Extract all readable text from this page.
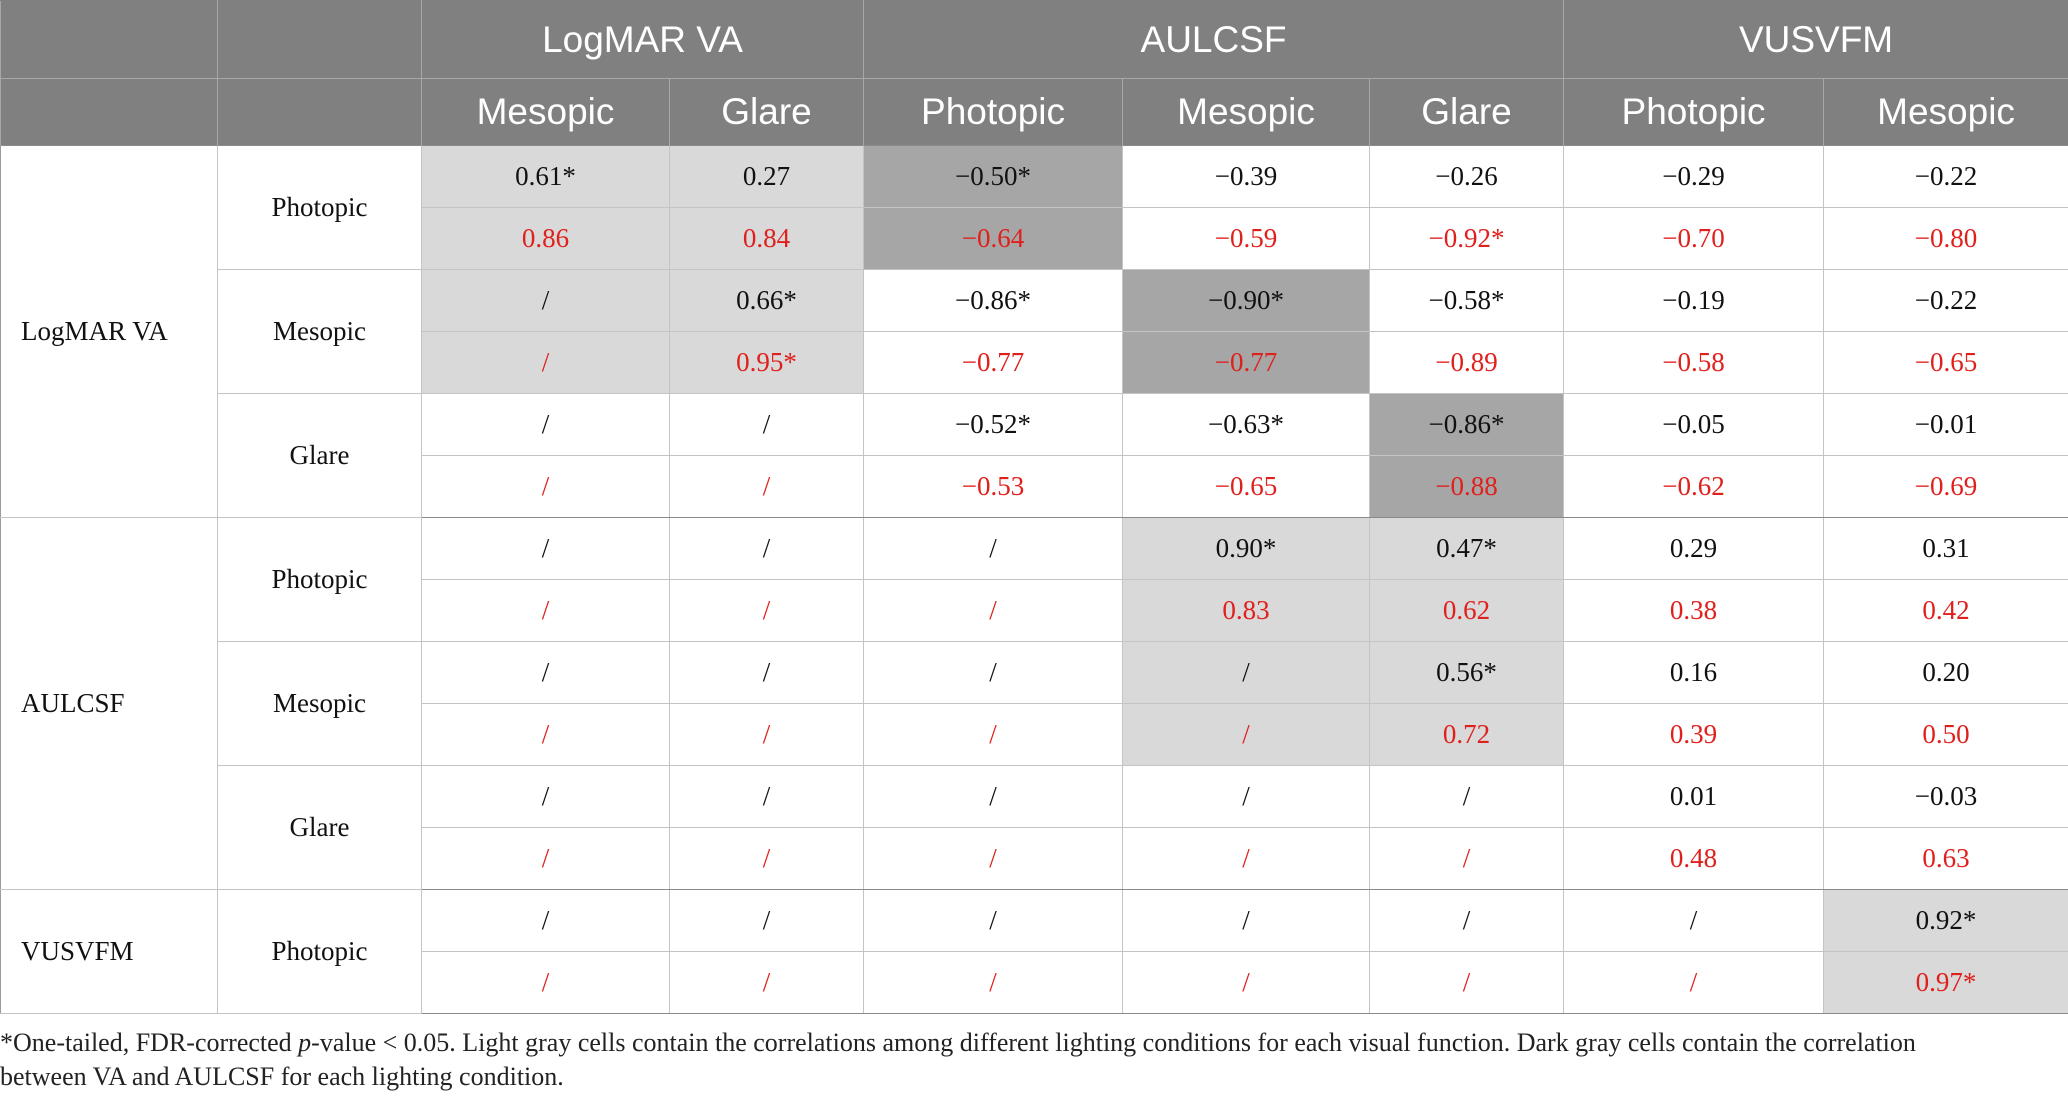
		LogMAR VA		AULCSF			VUSVFM	
		Mesopic	Glare	Photopic	Mesopic	Glare	Photopic	Mesopic
LogMAR VA	Photopic	0.61*	0.27	−0.50*	−0.39	−0.26	−0.29	−0.22
		0.86	0.84	−0.64	−0.59	−0.92*	−0.70	−0.80
	Mesopic	/	0.66*	−0.86*	−0.90*	−0.58*	−0.19	−0.22
		/	0.95*	−0.77	−0.77	−0.89	−0.58	−0.65
	Glare	/	/	−0.52*	−0.63*	−0.86*	−0.05	−0.01
		/	/	−0.53	−0.65	−0.88	−0.62	−0.69
AULCSF	Photopic	/	/	/	0.90*	0.47*	0.29	0.31
		/	/	/	0.83	0.62	0.38	0.42
	Mesopic	/	/	/	/	0.56*	0.16	0.20
		/	/	/	/	0.72	0.39	0.50
	Glare	/	/	/	/	/	0.01	−0.03
		/	/	/	/	/	0.48	0.63
VUSVFM	Photopic	/	/	/	/	/	/	0.92*
		/	/	/	/	/	/	0.97*
*One-tailed, FDR-corrected p-value < 0.05. Light gray cells contain the correlations among different lighting conditions for each visual function. Dark gray cells contain the correlation between VA and AULCSF for each lighting condition.
